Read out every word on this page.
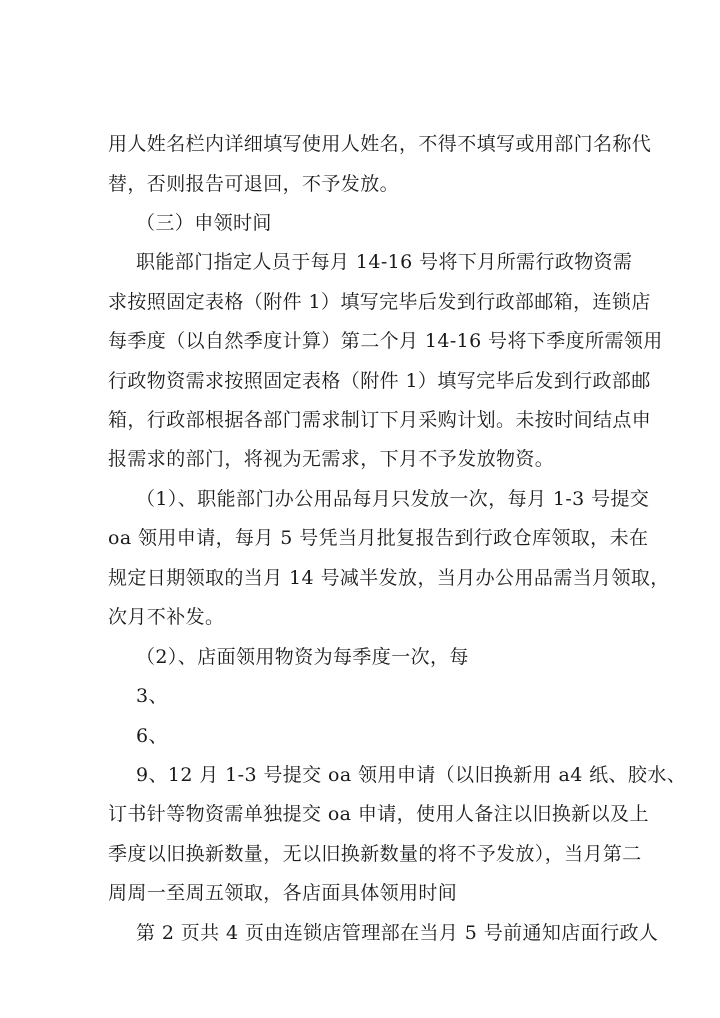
用人姓名栏内详细填写使用人姓名，不得不填写或用部门名称代
替，否则报告可退回，不予发放。
（三）申领时间
职能部门指定人员于每月 14-16 号将下月所需行政物资需
求按照固定表格（附件 1）填写完毕后发到行政部邮箱，连锁店
每季度（以自然季度计算）第二个月 14-16 号将下季度所需领用
行政物资需求按照固定表格（附件 1）填写完毕后发到行政部邮
箱，行政部根据各部门需求制订下月采购计划。未按时间结点申
报需求的部门，将视为无需求，下月不予发放物资。
（1）、职能部门办公用品每月只发放一次，每月 1-3 号提交
oa 领用申请，每月 5 号凭当月批复报告到行政仓库领取，未在
规定日期领取的当月 14 号减半发放，当月办公用品需当月领取，
次月不补发。
（2）、店面领用物资为每季度一次，每
3、
6、
9、12 月 1-3 号提交 oa 领用申请（以旧换新用 a4 纸、胶水、
订书针等物资需单独提交 oa 申请，使用人备注以旧换新以及上
季度以旧换新数量，无以旧换新数量的将不予发放），当月第二
周周一至周五领取，各店面具体领用时间
第 2 页共 4 页由连锁店管理部在当月 5 号前通知店面行政人
